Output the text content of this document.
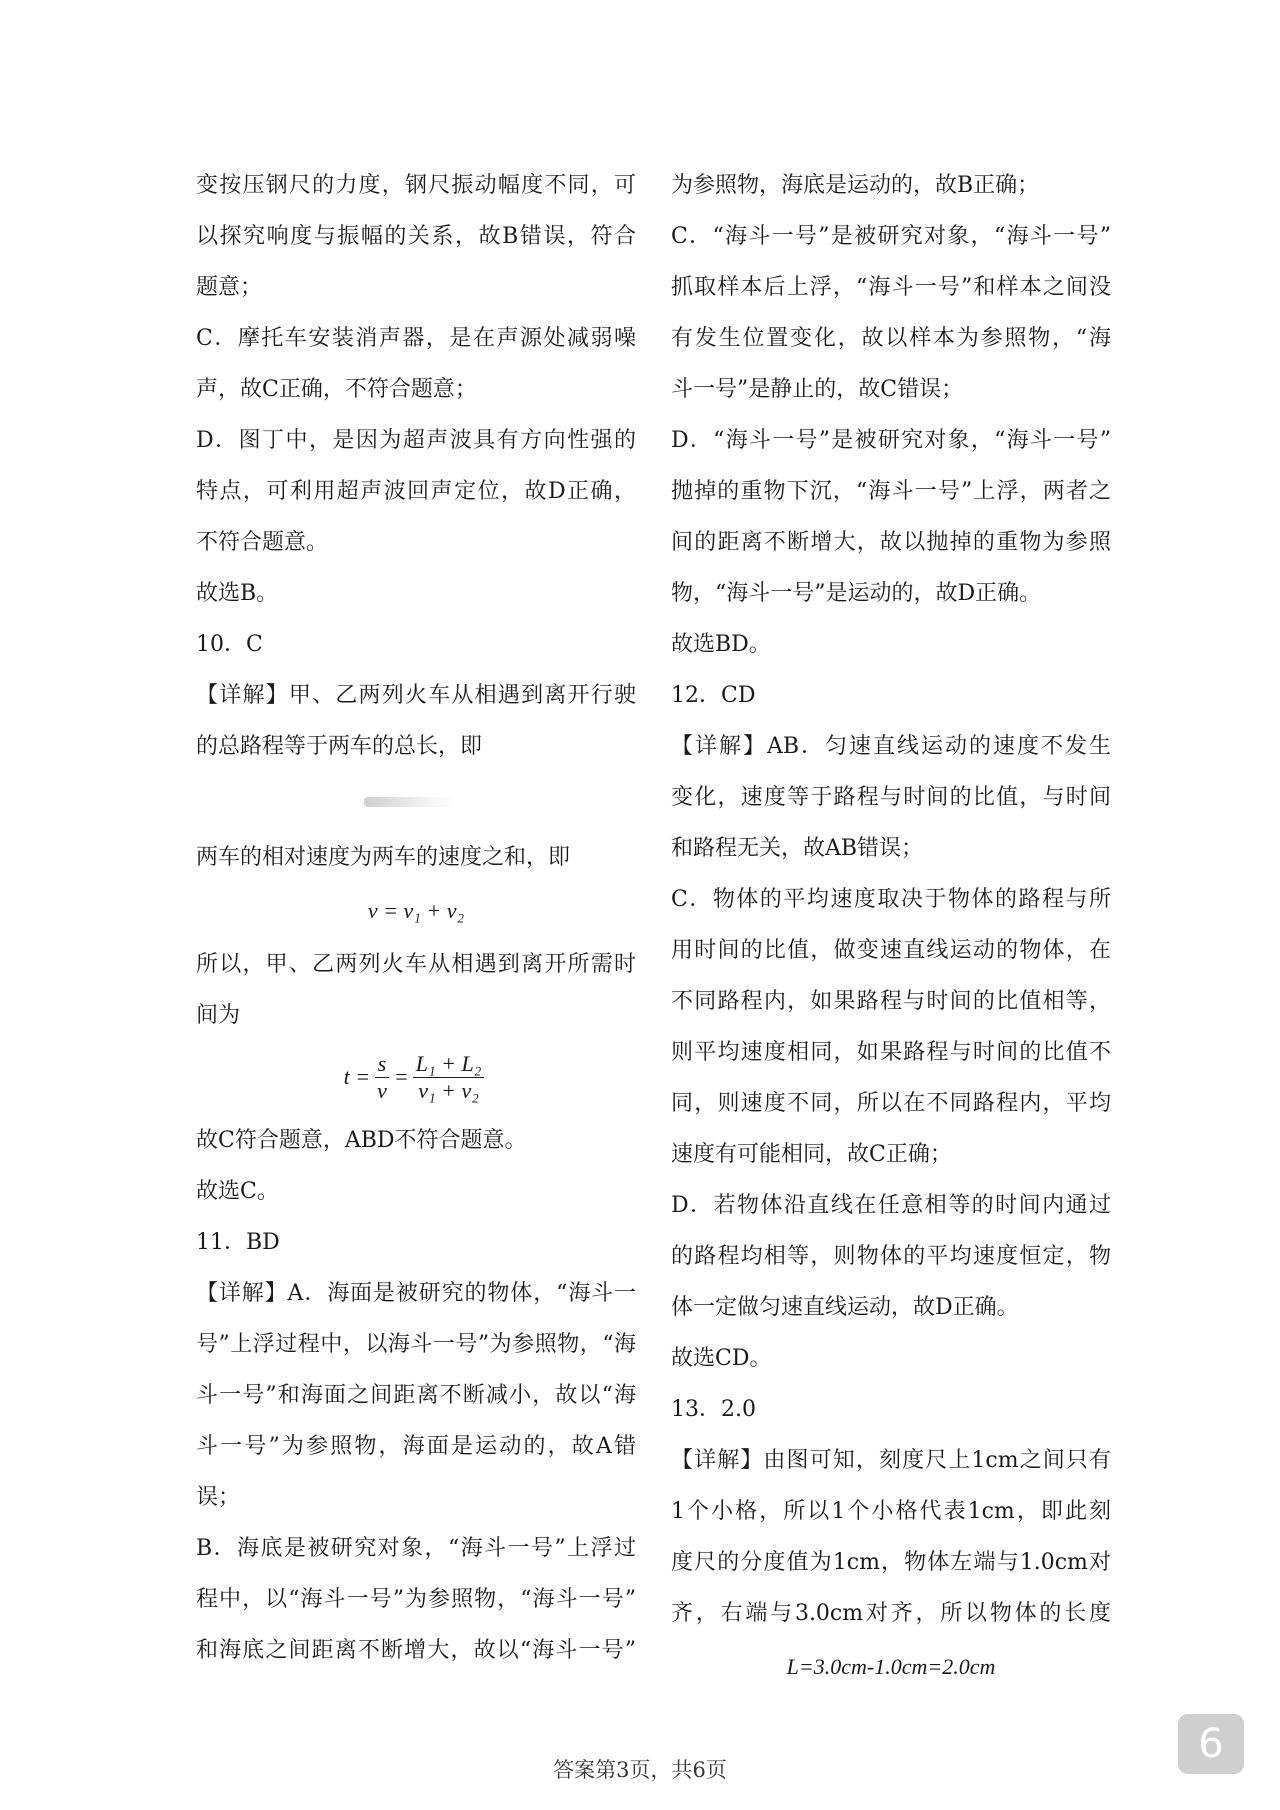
变按压钢尺的力度，钢尺振动幅度不同，可
以探究响度与振幅的关系，故B错误，符合
题意；
C．摩托车安装消声器，是在声源处减弱噪
声，故C正确，不符合题意；
D．图丁中，是因为超声波具有方向性强的
特点，可利用超声波回声定位，故D正确，
不符合题意。
故选B。
10．C
【详解】甲、乙两列火车从相遇到离开行驶
的总路程等于两车的总长，即
两车的相对速度为两车的速度之和，即
v = v₁ + v₂
所以，甲、乙两列火车从相遇到离开所需时
间为
$t = \frac{s}{v} = \frac{\text{L₁ + L₂}}{\text{v₁ + v₂}}$
故C符合题意，ABD不符合题意。
故选C。
11．BD
【详解】A．海面是被研究的物体，“海斗一
号”上浮过程中，以海斗一号”为参照物，“海
斗一号”和海面之间距离不断减小，故以“海
斗一号”为参照物，海面是运动的，故A错
误；
B．海底是被研究对象，“海斗一号”上浮过
程中，以“海斗一号”为参照物，“海斗一号”
和海底之间距离不断增大，故以“海斗一号”
为参照物，海底是运动的，故B正确；
C．“海斗一号”是被研究对象，“海斗一号”
抓取样本后上浮，“海斗一号”和样本之间没
有发生位置变化，故以样本为参照物，“海
斗一号”是静止的，故C错误；
D．“海斗一号”是被研究对象，“海斗一号”
抛掉的重物下沉，“海斗一号”上浮，两者之
间的距离不断增大，故以抛掉的重物为参照
物，“海斗一号”是运动的，故D正确。
故选BD。
12．CD
【详解】AB．匀速直线运动的速度不发生
变化，速度等于路程与时间的比值，与时间
和路程无关，故AB错误；
C．物体的平均速度取决于物体的路程与所
用时间的比值，做变速直线运动的物体，在
不同路程内，如果路程与时间的比值相等，
则平均速度相同，如果路程与时间的比值不
同，则速度不同，所以在不同路程内，平均
速度有可能相同，故C正确；
D．若物体沿直线在任意相等的时间内通过
的路程均相等，则物体的平均速度恒定，物
体一定做匀速直线运动，故D正确。
故选CD。
13．2.0
【详解】由图可知，刻度尺上1cm之间只有
1个小格，所以1个小格代表1cm，即此刻
度尺的分度值为1cm，物体左端与1.0cm对
齐，右端与3.0cm对齐，所以物体的长度
L=3.0cm-1.0cm=2.0cm
答案第3页，共6页
6
